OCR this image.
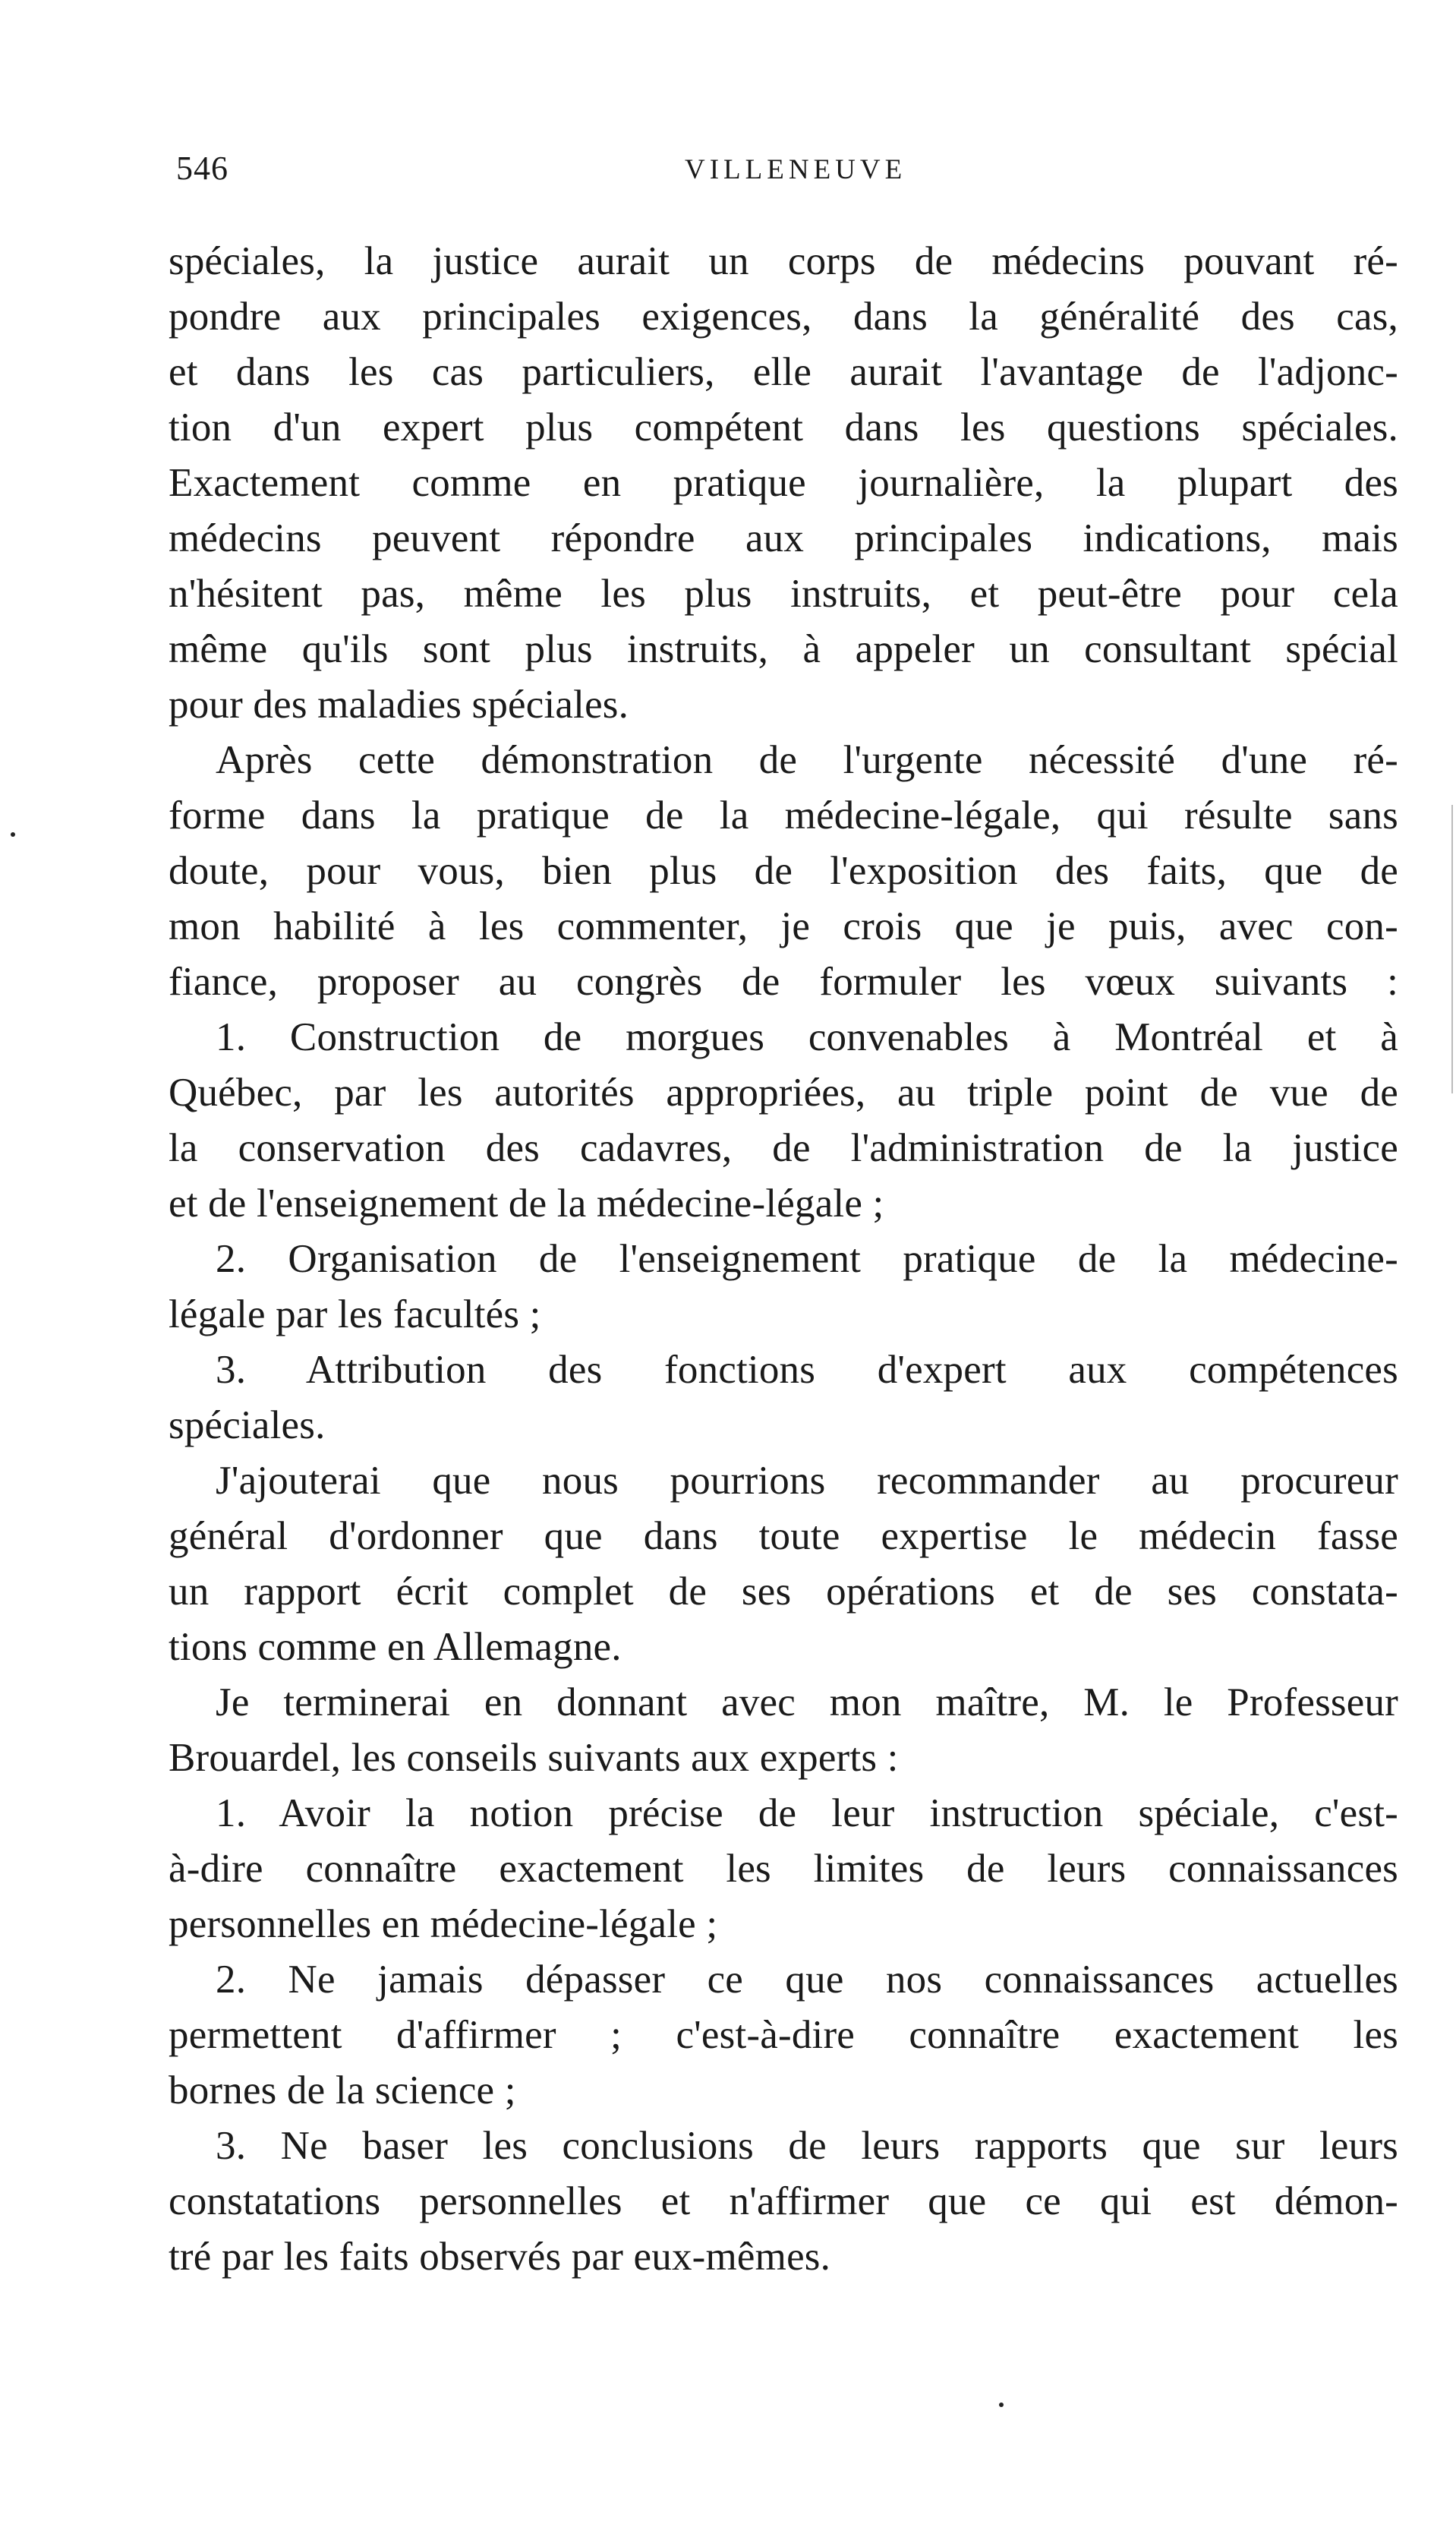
546	VILLENEUVE
spéciales, la justice aurait un corps de médecins pouvant ré-
pondre aux principales exigences, dans la généralité des cas,
et dans les cas particuliers, elle aurait l'avantage de l'adjonc-
tion d'un expert plus compétent dans les questions spéciales.
Exactement comme en pratique journalière, la plupart des
médecins peuvent répondre aux principales indications, mais
n'hésitent pas, même les plus instruits, et peut-être pour cela
même qu'ils sont plus instruits, à appeler un consultant spécial
pour des maladies spéciales.
Après cette démonstration de l'urgente nécessité d'une ré-
forme dans la pratique de la médecine-légale, qui résulte sans
doute, pour vous, bien plus de l'exposition des faits, que de
mon habilité à les commenter, je crois que je puis, avec con-
fiance, proposer au congrès de formuler les vœux suivants :
1. Construction de morgues convenables à Montréal et à
Québec, par les autorités appropriées, au triple point de vue de
la conservation des cadavres, de l'administration de la justice
et de l'enseignement de la médecine-légale ;
2. Organisation de l'enseignement pratique de la médecine-
légale par les facultés ;
3. Attribution des fonctions d'expert aux compétences
spéciales.
J'ajouterai que nous pourrions recommander au procureur
général d'ordonner que dans toute expertise le médecin fasse
un rapport écrit complet de ses opérations et de ses constata-
tions comme en Allemagne.
Je terminerai en donnant avec mon maître, M. le Professeur
Brouardel, les conseils suivants aux experts :
1. Avoir la notion précise de leur instruction spéciale, c'est-
à-dire connaître exactement les limites de leurs connaissances
personnelles en médecine-légale ;
2. Ne jamais dépasser ce que nos connaissances actuelles
permettent d'affirmer ; c'est-à-dire connaître exactement les
bornes de la science ;
3. Ne baser les conclusions de leurs rapports que sur leurs
constatations personnelles et n'affirmer que ce qui est démon-
tré par les faits observés par eux-mêmes.
